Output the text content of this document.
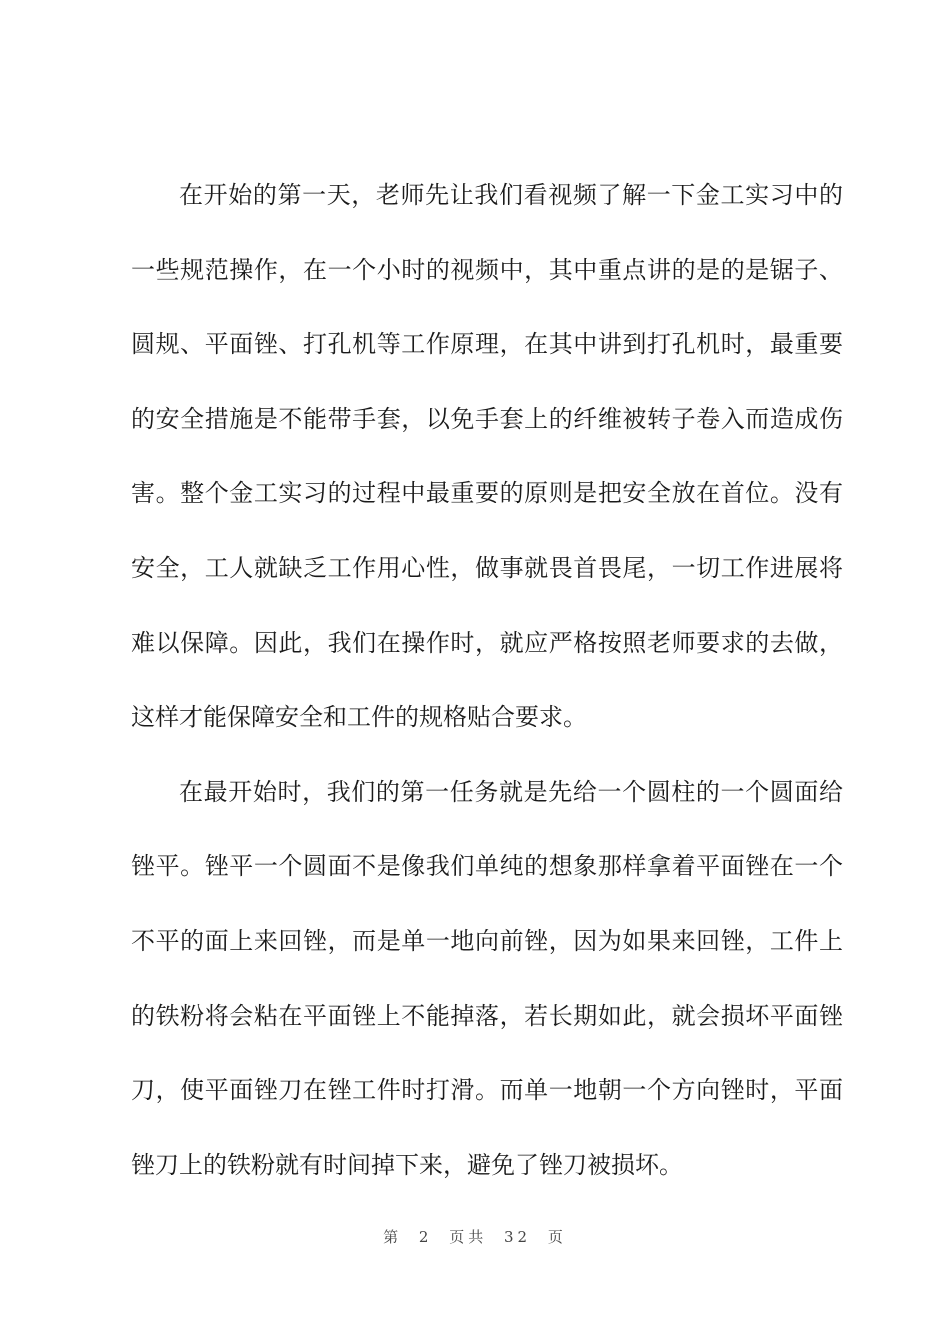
在开始的第一天，老师先让我们看视频了解一下金工实习中的一些规范操作，在一个小时的视频中，其中重点讲的是的是锯子、圆规、平面锉、打孔机等工作原理，在其中讲到打孔机时，最重要的安全措施是不能带手套，以免手套上的纤维被转子卷入而造成伤害。整个金工实习的过程中最重要的原则是把安全放在首位。没有安全，工人就缺乏工作用心性，做事就畏首畏尾，一切工作进展将难以保障。因此，我们在操作时，就应严格按照老师要求的去做，这样才能保障安全和工件的规格贴合要求。

在最开始时，我们的第一任务就是先给一个圆柱的一个圆面给锉平。锉平一个圆面不是像我们单纯的想象那样拿着平面锉在一个不平的面上来回锉，而是单一地向前锉，因为如果来回锉，工件上的铁粉将会粘在平面锉上不能掉落，若长期如此，就会损坏平面锉刀，使平面锉刀在锉工件时打滑。而单一地朝一个方向锉时，平面锉刀上的铁粉就有时间掉下来，避免了锉刀被损坏。

第 2 页共 32 页
